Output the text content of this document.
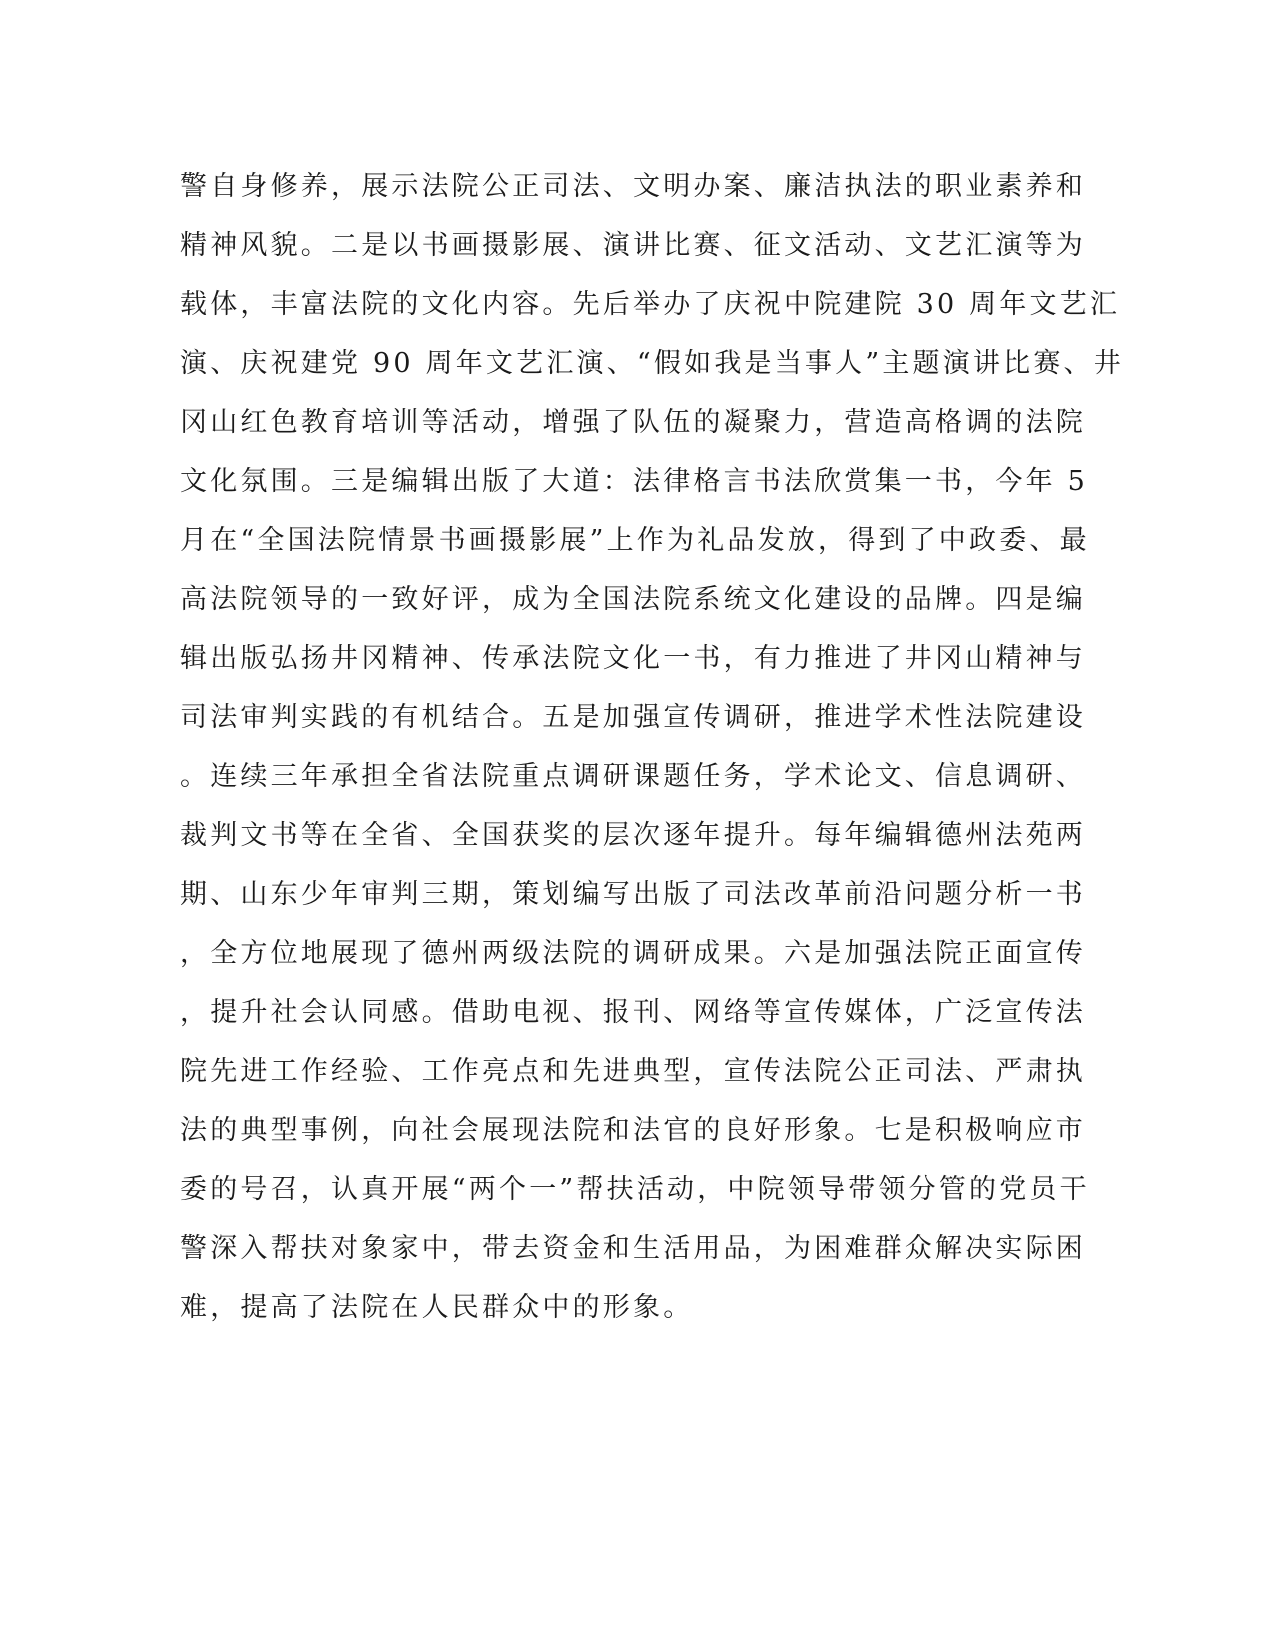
警自身修养，展示法院公正司法、文明办案、廉洁执法的职业素养和
精神风貌。二是以书画摄影展、演讲比赛、征文活动、文艺汇演等为
载体，丰富法院的文化内容。先后举办了庆祝中院建院 30 周年文艺汇
演、庆祝建党 90 周年文艺汇演、“假如我是当事人”主题演讲比赛、井
冈山红色教育培训等活动，增强了队伍的凝聚力，营造高格调的法院
文化氛围。三是编辑出版了大道：法律格言书法欣赏集一书，今年 5
月在“全国法院情景书画摄影展”上作为礼品发放，得到了中政委、最
高法院领导的一致好评，成为全国法院系统文化建设的品牌。四是编
辑出版弘扬井冈精神、传承法院文化一书，有力推进了井冈山精神与
司法审判实践的有机结合。五是加强宣传调研，推进学术性法院建设
。连续三年承担全省法院重点调研课题任务，学术论文、信息调研、
裁判文书等在全省、全国获奖的层次逐年提升。每年编辑德州法苑两
期、山东少年审判三期，策划编写出版了司法改革前沿问题分析一书
，全方位地展现了德州两级法院的调研成果。六是加强法院正面宣传
，提升社会认同感。借助电视、报刊、网络等宣传媒体，广泛宣传法
院先进工作经验、工作亮点和先进典型，宣传法院公正司法、严肃执
法的典型事例，向社会展现法院和法官的良好形象。七是积极响应市
委的号召，认真开展“两个一”帮扶活动，中院领导带领分管的党员干
警深入帮扶对象家中，带去资金和生活用品，为困难群众解决实际困
难，提高了法院在人民群众中的形象。
